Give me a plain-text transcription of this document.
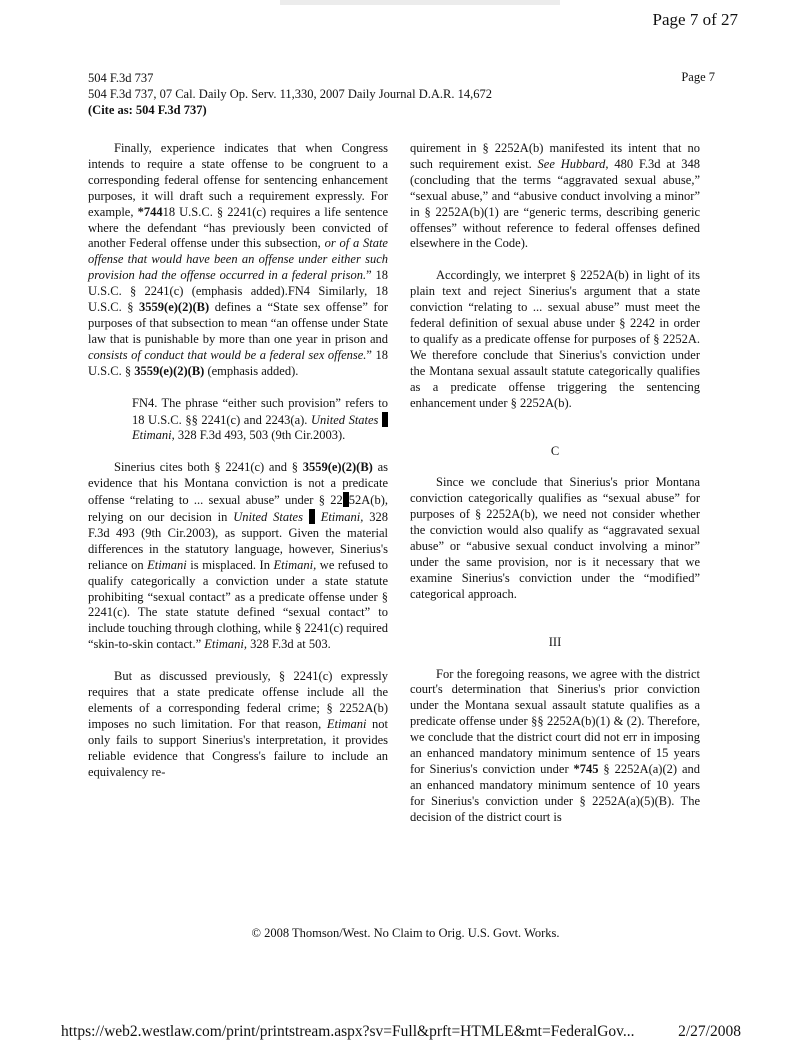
Page 7 of 27
504 F.3d 737
504 F.3d 737, 07 Cal. Daily Op. Serv. 11,330, 2007 Daily Journal D.A.R. 14,672
(Cite as: 504 F.3d 737)
Page 7

Finally, experience indicates that when Congress intends to require a state offense to be congruent to a corresponding federal offense for sentencing enhancement purposes, it will draft such a requirement expressly. For example, *74418 U.S.C. § 2241(c) requires a life sentence where the defendant “has previously been convicted of another Federal offense under this subsection, or of a State offense that would have been an offense under either such provision had the offense occurred in a federal prison.” 18 U.S.C. § 2241(c) (emphasis added).FN4 Similarly, 18 U.S.C. § 3559(e)(2)(B) defines a “State sex offense” for purposes of that subsection to mean “an offense under State law that is punishable by more than one year in prison and consists of conduct that would be a federal sex offense.” 18 U.S.C. § 3559(e)(2)(B) (emphasis added).

FN4. The phrase “either such provision” refers to 18 U.S.C. §§ 2241(c) and 2243(a). United States  Etimani, 328 F.3d 493, 503 (9th Cir.2003).

Sinerius cites both § 2241(c) and § 3559(e)(2)(B) as evidence that his Montana conviction is not a predicate offense “relating to ... sexual abuse” under § 22 52A(b), relying on our decision in United States Etimani, 328 F.3d 493 (9th Cir.2003), as support. Given the material differences in the statutory language, however, Sinerius's reliance on Etimani is misplaced. In Etimani, we refused to qualify categorically a conviction under a state statute prohibiting “sexual contact” as a predicate offense under § 2241(c). The state statute defined “sexual contact” to include touching through clothing, while § 2241(c) required “skin-to-skin contact.” Etimani, 328 F.3d at 503.

But as discussed previously, § 2241(c) expressly requires that a state predicate offense include all the elements of a corresponding federal crime; § 2252A(b) imposes no such limitation. For that reason, Etimani not only fails to support Sinerius's interpretation, it provides reliable evidence that Congress's failure to include an equivalency re-

quirement in § 2252A(b) manifested its intent that no such requirement exist. See Hubbard, 480 F.3d at 348 (concluding that the terms “aggravated sexual abuse,” “sexual abuse,” and “abusive conduct involving a minor” in § 2252A(b)(1) are “generic terms, describing generic offenses” without reference to federal offenses defined elsewhere in the Code).

Accordingly, we interpret § 2252A(b) in light of its plain text and reject Sinerius's argument that a state conviction “relating to ... sexual abuse” must meet the federal definition of sexual abuse under § 2242 in order to qualify as a predicate offense for purposes of § 2252A. We therefore conclude that Sinerius's conviction under the Montana sexual assault statute categorically qualifies as a predicate offense triggering the sentencing enhancement under § 2252A(b).

C

Since we conclude that Sinerius's prior Montana conviction categorically qualifies as “sexual abuse” for purposes of § 2252A(b), we need not consider whether the conviction would also qualify as “aggravated sexual abuse” or “abusive sexual conduct involving a minor” under the same provision, nor is it necessary that we examine Sinerius's conviction under the “modified” categorical approach.

III

For the foregoing reasons, we agree with the district court's determination that Sinerius's prior conviction under the Montana sexual assault statute qualifies as a predicate offense under §§ 2252A(b)(1) & (2). Therefore, we conclude that the district court did not err in imposing an enhanced mandatory minimum sentence of 15 years for Sinerius's conviction under *745 § 2252A(a)(2) and an enhanced mandatory minimum sentence of 10 years for Sinerius's conviction under § 2252A(a)(5)(B). The decision of the district court is

© 2008 Thomson/West. No Claim to Orig. U.S. Govt. Works.
https://web2.westlaw.com/print/printstream.aspx?sv=Full&prft=HTMLE&mt=FederalGov...	2/27/2008
